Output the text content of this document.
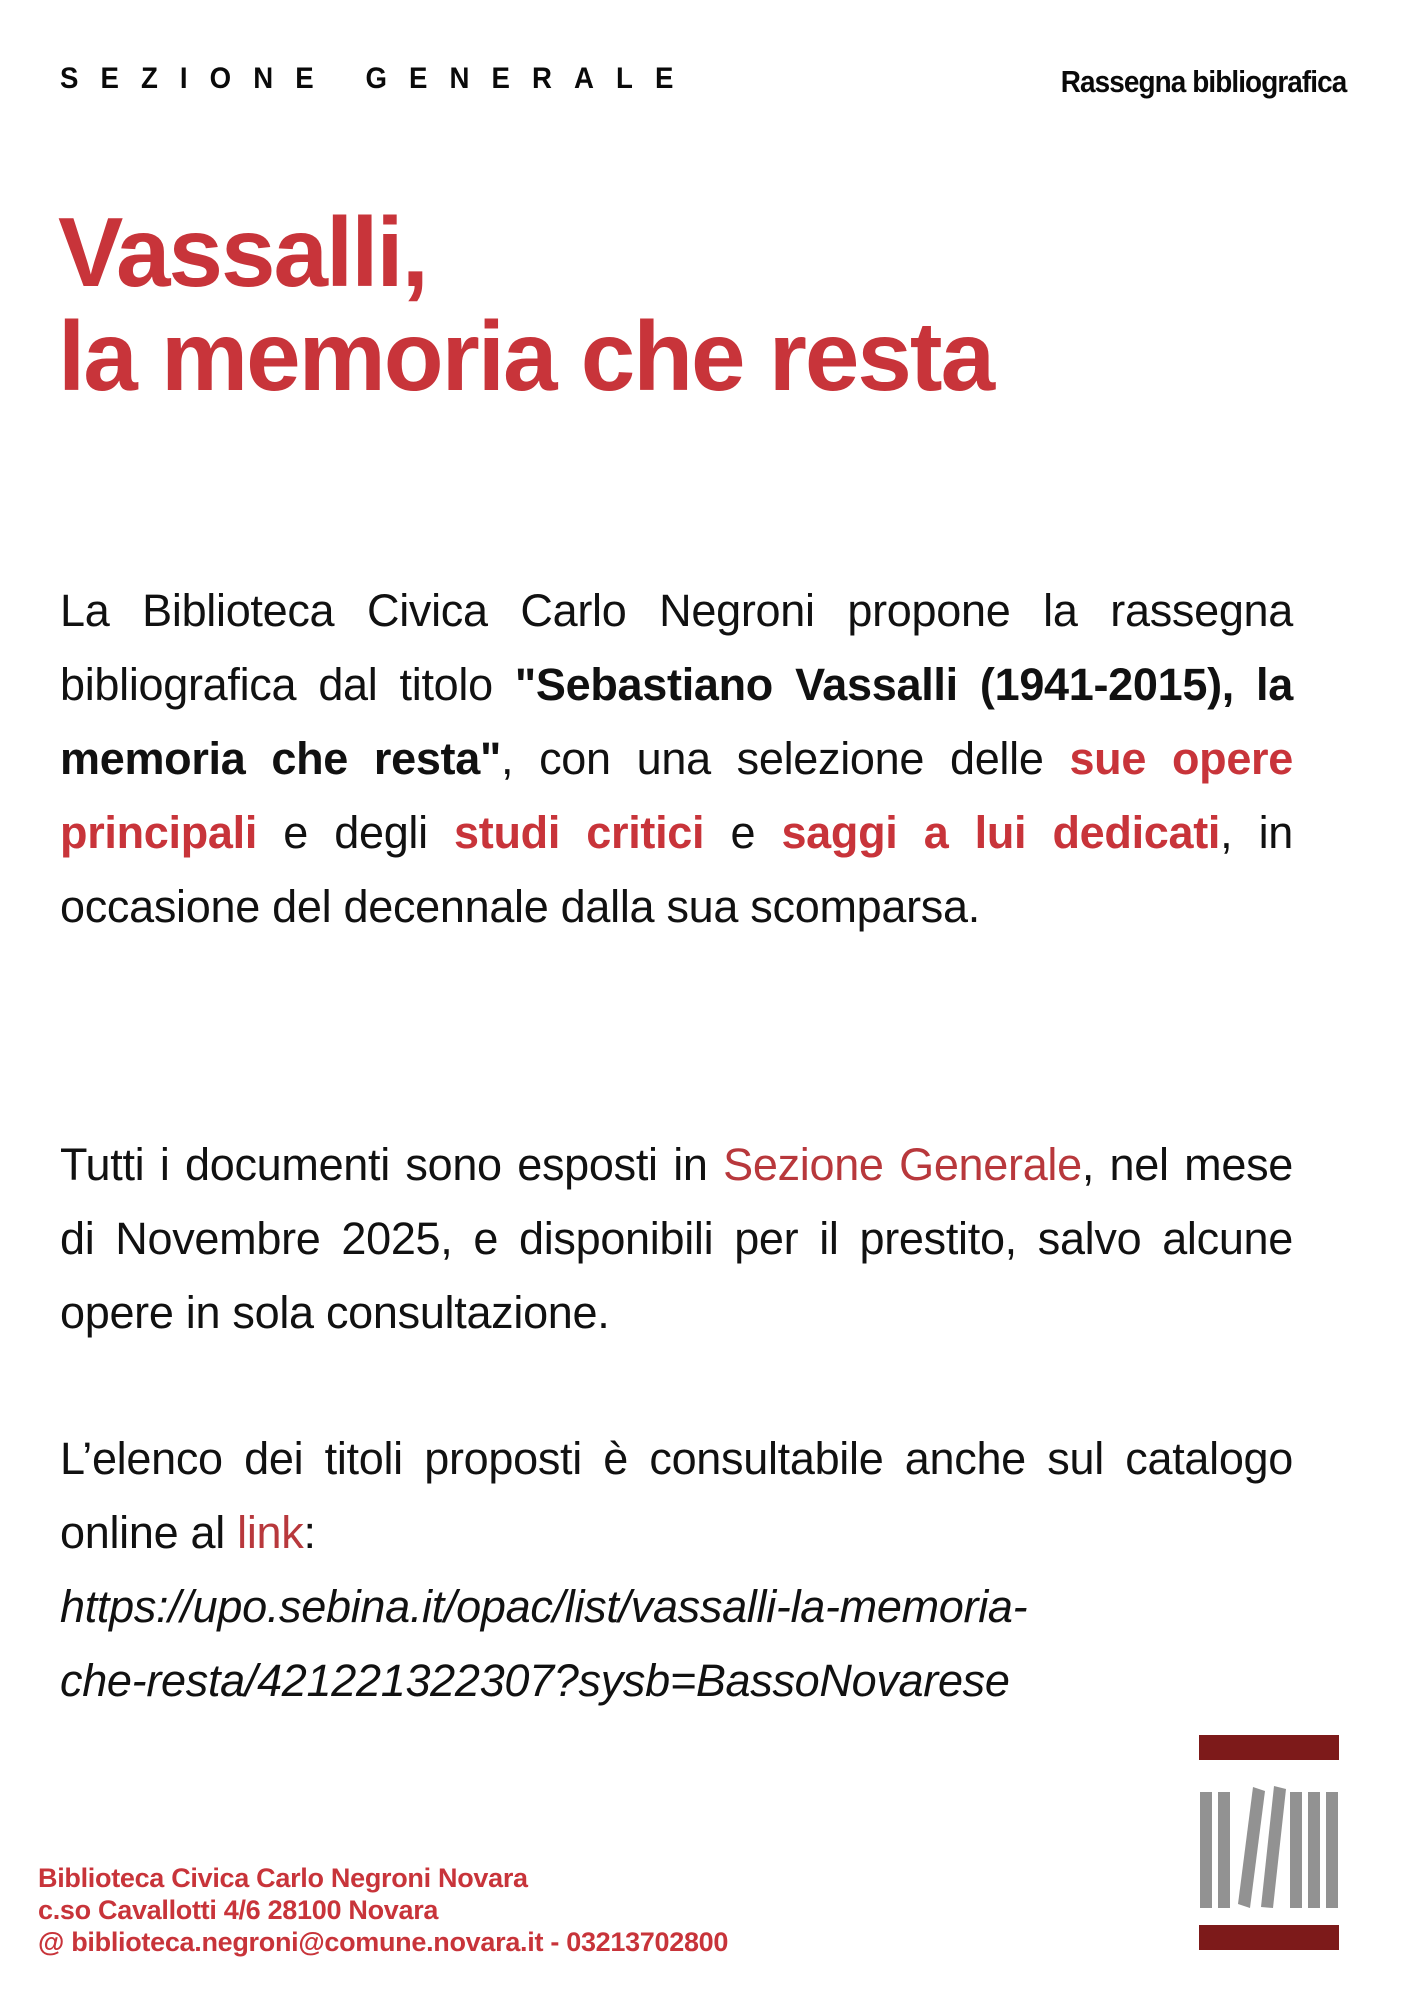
SEZIONE GENERALE	Rassegna bibliografica
Vassalli,
la memoria che resta

La Biblioteca Civica Carlo Negroni propone la rassegna bibliografica dal titolo "Sebastiano Vassalli (1941-2015), la memoria che resta", con una selezione delle sue opere principali e degli studi critici e saggi a lui dedicati, in occasione del decennale dalla sua scomparsa.

Tutti i documenti sono esposti in Sezione Generale, nel mese di Novembre 2025, e disponibili per il prestito, salvo alcune opere in sola consultazione.

L’elenco dei titoli proposti è consultabile anche sul catalogo online al link:
https://upo.sebina.it/opac/list/vassalli-la-memoria-
che-resta/421221322307?sysb=BassoNovarese

Biblioteca Civica Carlo Negroni Novara
c.so Cavallotti 4/6 28100 Novara
@ biblioteca.negroni@comune.novara.it - 03213702800
